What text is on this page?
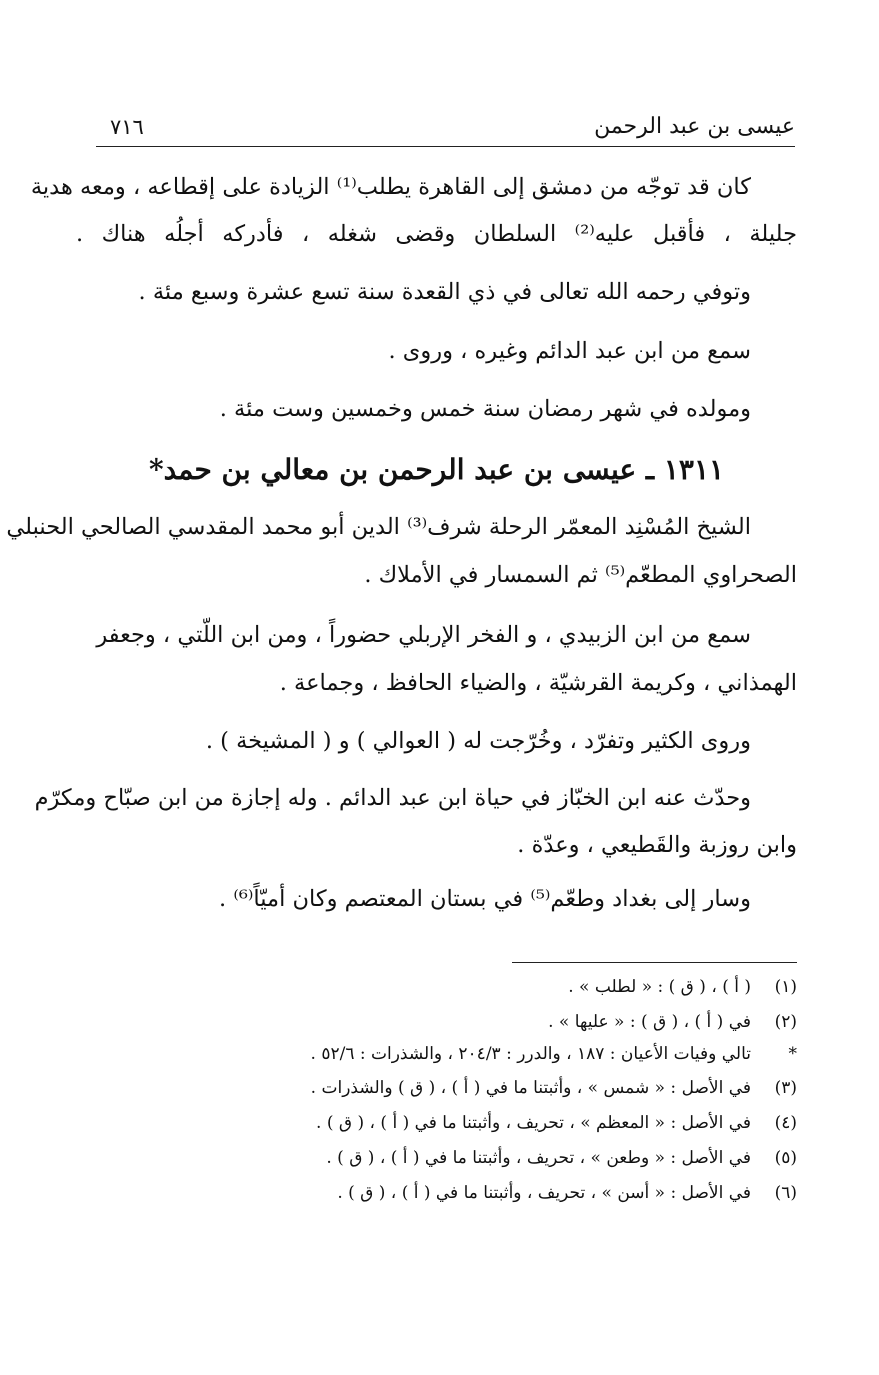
عيسى بن عبد الرحمن
٧١٦
كان قد توجّه من دمشق إلى القاهرة يطلب⁽¹⁾ الزيادة على إقطاعه ، ومعه هدية
جليلة ، فأقبل عليه⁽²⁾ السلطان وقضى شغله ، فأدركه أجلُه هناك .
وتوفي رحمه الله تعالى في ذي القعدة سنة تسع عشرة وسبع مئة .
سمع من ابن عبد الدائم وغيره ، وروى .
ومولده في شهر رمضان سنة خمس وخمسين وست مئة .
١٣١١ ـ عيسى بن عبد الرحمن بن معالي بن حمد*
الشيخ المُسْنِد المعمّر الرحلة شرف⁽³⁾ الدين أبو محمد المقدسي الصالحي الحنبلي
الصحراوي المطعّم⁽⁵⁾ ثم السمسار في الأملاك .
سمع من ابن الزبيدي ، و الفخر الإربلي حضوراً ، ومن ابن اللّتي ، وجعفر
الهمذاني ، وكريمة القرشيّة ، والضياء الحافظ ، وجماعة .
وروى الكثير وتفرّد ، وخُرّجت له ( العوالي ) و ( المشيخة ) .
وحدّث عنه ابن الخبّاز في حياة ابن عبد الدائم . وله إجازة من ابن صبّاح ومكرّم
وابن روزبة والقَطيعي ، وعدّة .
وسار إلى بغداد وطعّم⁽⁵⁾ في بستان المعتصم وكان أميّاً⁽⁶⁾ .
(١)
( أ ) ، ( ق ) : « لطلب » .
(٢)
في ( أ ) ، ( ق ) : « عليها » .
*
تالي وفيات الأعيان : ١٨٧ ، والدرر : ٢٠٤/٣ ، والشذرات : ٥٢/٦ .
(٣)
في الأصل : « شمس » ، وأثبتنا ما في ( أ ) ، ( ق ) والشذرات .
(٤)
في الأصل : « المعظم » ، تحريف ، وأثبتنا ما في ( أ ) ، ( ق ) .
(٥)
في الأصل : « وطعن » ، تحريف ، وأثبتنا ما في ( أ ) ، ( ق ) .
(٦)
في الأصل : « أسن » ، تحريف ، وأثبتنا ما في ( أ ) ، ( ق ) .
